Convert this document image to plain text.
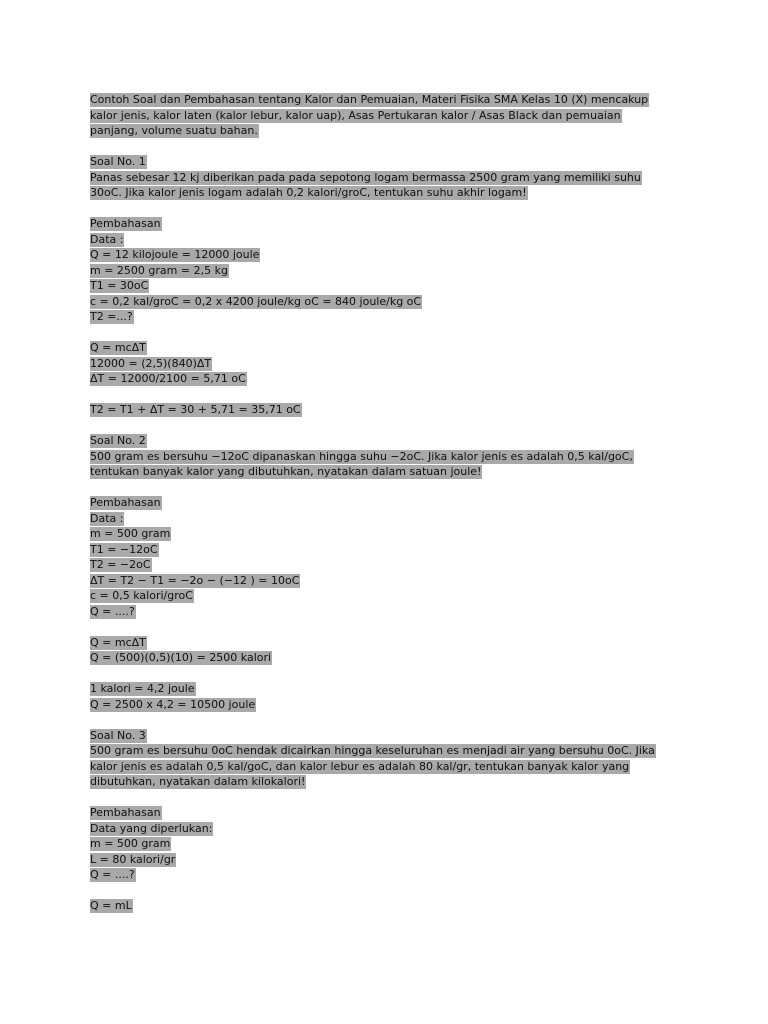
Contoh Soal dan Pembahasan tentang Kalor dan Pemuaian, Materi Fisika SMA Kelas 10 (X) mencakup
kalor jenis, kalor laten (kalor lebur, kalor uap), Asas Pertukaran kalor / Asas Black dan pemuaian
panjang, volume suatu bahan.
Soal No. 1
Panas sebesar 12 kj diberikan pada pada sepotong logam bermassa 2500 gram yang memiliki suhu
30oC. Jika kalor jenis logam adalah 0,2 kalori/groC, tentukan suhu akhir logam!
Pembahasan
Data :
Q = 12 kilojoule = 12000 joule
m = 2500 gram = 2,5 kg
T1 = 30oC
c = 0,2 kal/groC = 0,2 x 4200 joule/kg oC = 840 joule/kg oC
T2 =...?
Q = mcΔT
12000 = (2,5)(840)ΔT
ΔT = 12000/2100 = 5,71 oC
T2 = T1 + ΔT = 30 + 5,71 = 35,71 oC
Soal No. 2
500 gram es bersuhu −12oC dipanaskan hingga suhu −2oC. Jika kalor jenis es adalah 0,5 kal/goC,
tentukan banyak kalor yang dibutuhkan, nyatakan dalam satuan joule!
Pembahasan
Data :
m = 500 gram
T1 = −12oC
T2 = −2oC
ΔT = T2 − T1 = −2o − (−12 ) = 10oC
c = 0,5 kalori/groC
Q = ....?
Q = mcΔT
Q = (500)(0,5)(10) = 2500 kalori
1 kalori = 4,2 joule
Q = 2500 x 4,2 = 10500 joule
Soal No. 3
500 gram es bersuhu 0oC hendak dicairkan hingga keseluruhan es menjadi air yang bersuhu 0oC. Jika
kalor jenis es adalah 0,5 kal/goC, dan kalor lebur es adalah 80 kal/gr, tentukan banyak kalor yang
dibutuhkan, nyatakan dalam kilokalori!
Pembahasan
Data yang diperlukan:
m = 500 gram
L = 80 kalori/gr
Q = ....?
Q = mL
